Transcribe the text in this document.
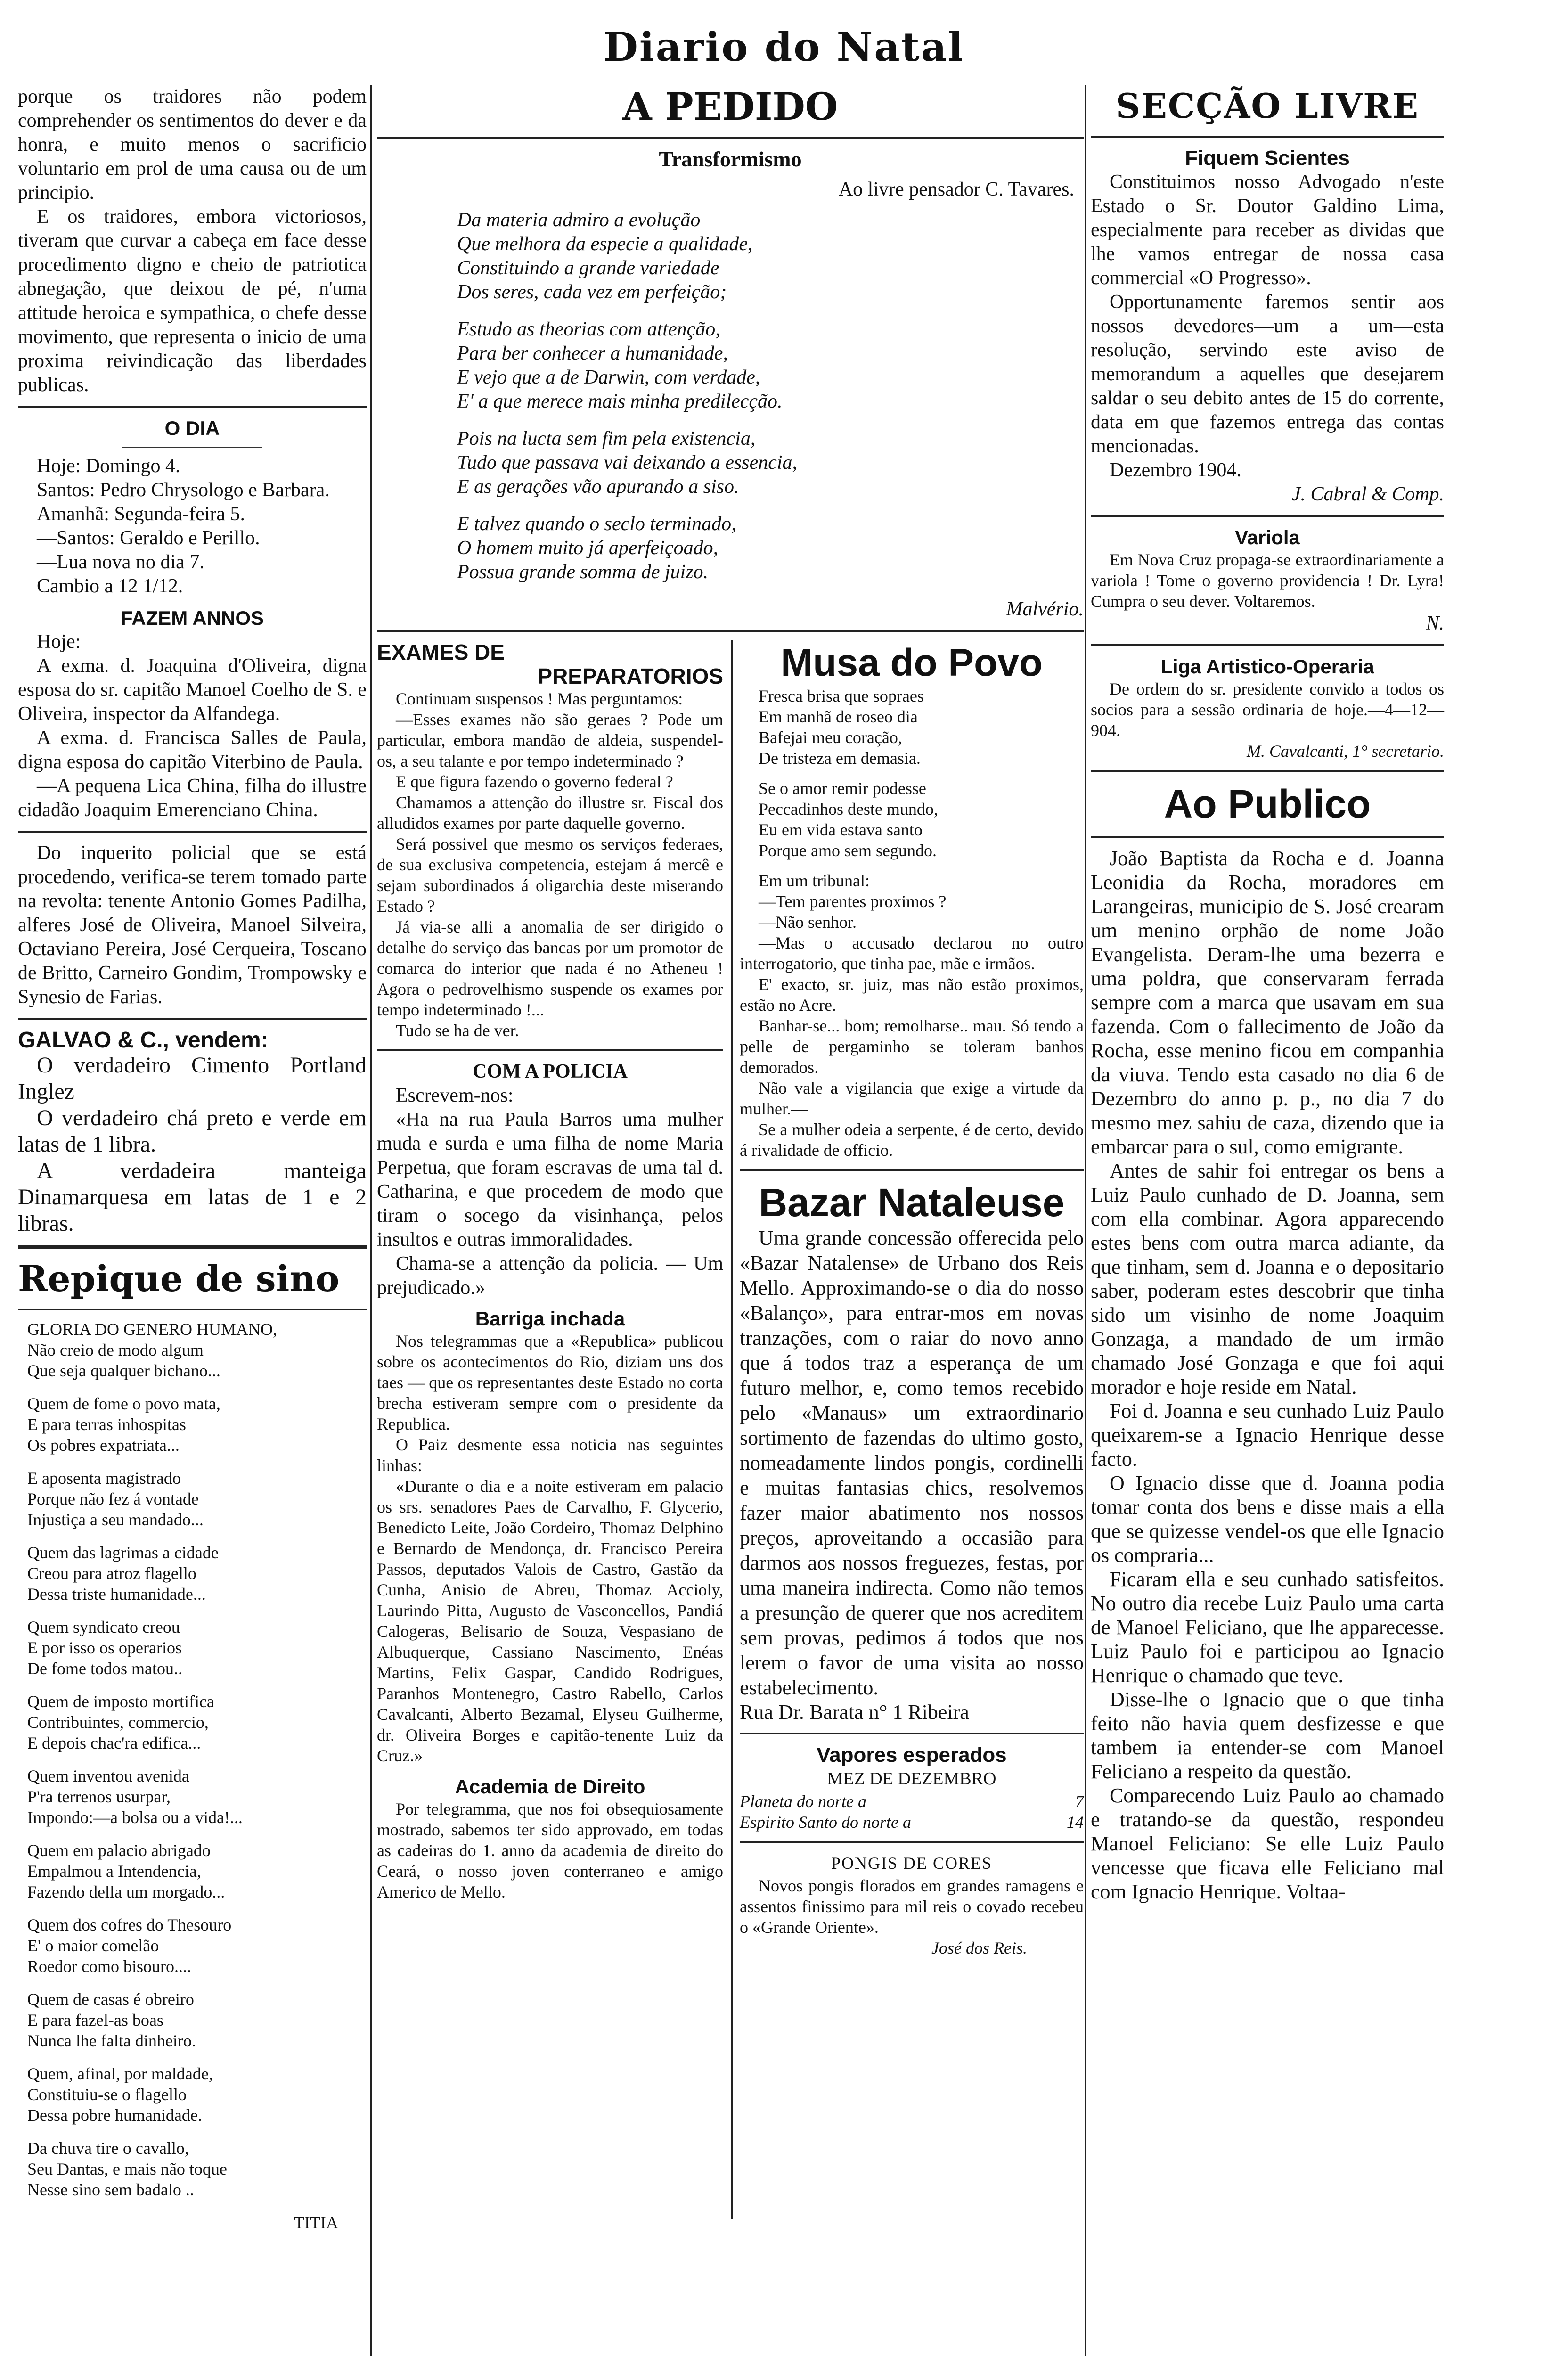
Diario do Natal

porque os traidores não podem comprehender os sentimentos do dever e da honra, e muito menos o sacrificio voluntario em prol de uma causa ou de um principio.

E os traidores, embora victoriosos, tiveram que curvar a cabeça em face desse procedimento digno e cheio de patriotica abnegação, que deixou de pé, n'uma attitude heroica e sympathica, o chefe desse movimento, que representa o inicio de uma proxima reivindicação das liberdades publicas.

O DIA
Hoje: Domingo 4.
Santos: Pedro Chrysologo e Barbara.
Amanhã: Segunda-feira 5.
—Santos: Geraldo e Perillo.
—Lua nova no dia 7.
Cambio a 12 1/12.
FAZEM ANNOS

Hoje:

A exma. d. Joaquina d'Oliveira, digna esposa do sr. capitão Manoel Coelho de S. e Oliveira, inspector da Alfandega.

A exma. d. Francisca Salles de Paula, digna esposa do capitão Viterbino de Paula.

—A pequena Lica China, filha do illustre cidadão Joaquim Emerenciano China.

Do inquerito policial que se está procedendo, verifica-se terem tomado parte na revolta: tenente Antonio Gomes Padilha, alferes José de Oliveira, Manoel Silveira, Octaviano Pereira, José Cerqueira, Toscano de Britto, Carneiro Gondim, Trompowsky e Synesio de Farias.

GALVAO & C., vendem:

O verdadeiro Cimento Portland Inglez

O verdadeiro chá preto e verde em latas de 1 libra.

A verdadeira manteiga Dinamarquesa em latas de 1 e 2 libras.

Repique de sino

GLORIA DO GENERO HUMANO,
Não creio de modo algum
Que seja qualquer bichano...

Quem de fome o povo mata,
E para terras inhospitas
Os pobres expatriata...

E aposenta magistrado
Porque não fez á vontade
Injustiça a seu mandado...

Quem das lagrimas a cidade
Creou para atroz flagello
Dessa triste humanidade...

Quem syndicato creou
E por isso os operarios
De fome todos matou..

Quem de imposto mortifica
Contribuintes, commercio,
E depois chac'ra edifica...

Quem inventou avenida
P'ra terrenos usurpar,
Impondo:—a bolsa ou a vida!...

Quem em palacio abrigado
Empalmou a Intendencia,
Fazendo della um morgado...

Quem dos cofres do Thesouro
E' o maior comelão
Roedor como bisouro....

Quem de casas é obreiro
E para fazel-as boas
Nunca lhe falta dinheiro.

Quem, afinal, por maldade,
Constituiu-se o flagello
Dessa pobre humanidade.

Da chuva tire o cavallo,
Seu Dantas, e mais não toque
Nesse sino sem badalo ..

TITIA
A PEDIDO
Transformismo
Ao livre pensador C. Tavares.

Da materia admiro a evolução
Que melhora da especie a qualidade,
Constituindo a grande variedade
Dos seres, cada vez em perfeição;

Estudo as theorias com attenção,
Para ber conhecer a humanidade,
E vejo que a de Darwin, com verdade,
E' a que merece mais minha predilecção.

Pois na lucta sem fim pela existencia,
Tudo que passava vai deixando a essencia,
E as gerações vão apurando a siso.

E talvez quando o seclo terminado,
O homem muito já aperfeiçoado,
Possua grande somma de juizo.

Malvério.
EXAMES DE
PREPARATORIOS

Continuam suspensos ! Mas perguntamos:

—Esses exames não são geraes ? Pode um particular, embora mandão de aldeia, suspendel-os, a seu talante e por tempo indeterminado ?

E que figura fazendo o governo federal ?

Chamamos a attenção do illustre sr. Fiscal dos alludidos exames por parte daquelle governo.

Será possivel que mesmo os serviços federaes, de sua exclusiva competencia, estejam á mercê e sejam subordinados á oligarchia deste miserando Estado ?

Já via-se alli a anomalia de ser dirigido o detalhe do serviço das bancas por um promotor de comarca do interior que nada é no Atheneu ! Agora o pedrovelhismo suspende os exames por tempo indeterminado !...

Tudo se ha de ver.

COM A POLICIA

Escrevem-nos:

«Ha na rua Paula Barros uma mulher muda e surda e uma filha de nome Maria Perpetua, que foram escravas de uma tal d. Catharina, e que procedem de modo que tiram o socego da visinhança, pelos insultos e outras immoralidades.

Chama-se a attenção da policia. — Um prejudicado.»

Barriga inchada

Nos telegrammas que a «Republica» publicou sobre os acontecimentos do Rio, diziam uns dos taes — que os representantes deste Estado no corta brecha estiveram sempre com o presidente da Republica.

O Paiz desmente essa noticia nas seguintes linhas:

«Durante o dia e a noite estiveram em palacio os srs. senadores Paes de Carvalho, F. Glycerio, Benedicto Leite, João Cordeiro, Thomaz Delphino e Bernardo de Mendonça, dr. Francisco Pereira Passos, deputados Valois de Castro, Gastão da Cunha, Anisio de Abreu, Thomaz Accioly, Laurindo Pitta, Augusto de Vasconcellos, Pandiá Calogeras, Belisario de Souza, Vespasiano de Albuquerque, Cassiano Nascimento, Enéas Martins, Felix Gaspar, Candido Rodrigues, Paranhos Montenegro, Castro Rabello, Carlos Cavalcanti, Alberto Bezamal, Elyseu Guilherme, dr. Oliveira Borges e capitão-tenente Luiz da Cruz.»

Academia de Direito

Por telegramma, que nos foi obsequiosamente mostrado, sabemos ter sido approvado, em todas as cadeiras do 1. anno da academia de direito do Ceará, o nosso joven conterraneo e amigo Americo de Mello.

Musa do Povo

Fresca brisa que sopraes
Em manhã de roseo dia
Bafejai meu coração,
De tristeza em demasia.

Se o amor remir podesse
Peccadinhos deste mundo,
Eu em vida estava santo
Porque amo sem segundo.

Em um tribunal:

—Tem parentes proximos ?

—Não senhor.

—Mas o accusado declarou no outro interrogatorio, que tinha pae, mãe e irmãos.

E' exacto, sr. juiz, mas não estão proximos, estão no Acre.

Banhar-se... bom; remolharse.. mau. Só tendo a pelle de pergaminho se toleram banhos demorados.

Não vale a vigilancia que exige a virtude da mulher.—

Se a mulher odeia a serpente, é de certo, devido á rivalidade de officio.

Bazar Nataleuse

Uma grande concessão offerecida pelo «Bazar Natalense» de Urbano dos Reis Mello. Approximando-se o dia do nosso «Balanço», para entrar-mos em novas tranzações, com o raiar do novo anno que á todos traz a esperança de um futuro melhor, e, como temos recebido pelo «Manaus» um extraordinario sortimento de fazendas do ultimo gosto, nomeadamente lindos pongis, cordinelli e muitas fantasias chics, resolvemos fazer maior abatimento nos nossos preços, aproveitando a occasião para darmos aos nossos freguezes, festas, por uma maneira indirecta. Como não temos a presunção de querer que nos acreditem sem provas, pedimos á todos que nos lerem o favor de uma visita ao nosso estabelecimento.

Rua Dr. Barata n° 1 Ribeira
Vapores esperados
MEZ DE DEZEMBRO
Planeta do norte a	7
Espirito Santo do norte a	14
PONGIS DE CORES

Novos pongis florados em grandes ramagens e assentos finissimo para mil reis o covado recebeu o «Grande Oriente».

José dos Reis.
SECÇÃO LIVRE
Fiquem Scientes

Constituimos nosso Advogado n'este Estado o Sr. Doutor Galdino Lima, especialmente para receber as dividas que lhe vamos entregar de nossa casa commercial «O Progresso».

Opportunamente faremos sentir aos nossos devedores—um a um—esta resolução, servindo este aviso de memorandum a aquelles que desejarem saldar o seu debito antes de 15 do corrente, data em que fazemos entrega das contas mencionadas.

Dezembro 1904.
J. Cabral & Comp.
Variola

Em Nova Cruz propaga-se extraordinariamente a variola ! Tome o governo providencia ! Dr. Lyra! Cumpra o seu dever. Voltaremos.

N.
Liga Artistico-Operaria

De ordem do sr. presidente convido a todos os socios para a sessão ordinaria de hoje.—4—12—904.

M. Cavalcanti, 1° secretario.
Ao Publico

João Baptista da Rocha e d. Joanna Leonidia da Rocha, moradores em Larangeiras, municipio de S. José crearam um menino orphão de nome João Evangelista. Deram-lhe uma bezerra e uma poldra, que conservaram ferrada sempre com a marca que usavam em sua fazenda. Com o fallecimento de João da Rocha, esse menino ficou em companhia da viuva. Tendo esta casado no dia 6 de Dezembro do anno p. p., no dia 7 do mesmo mez sahiu de caza, dizendo que ia embarcar para o sul, como emigrante.

Antes de sahir foi entregar os bens a Luiz Paulo cunhado de D. Joanna, sem com ella combinar. Agora apparecendo estes bens com outra marca adiante, da que tinham, sem d. Joanna e o depositario saber, poderam estes descobrir que tinha sido um visinho de nome Joaquim Gonzaga, a mandado de um irmão chamado José Gonzaga e que foi aqui morador e hoje reside em Natal.

Foi d. Joanna e seu cunhado Luiz Paulo queixarem-se a Ignacio Henrique desse facto.

O Ignacio disse que d. Joanna podia tomar conta dos bens e disse mais a ella que se quizesse vendel-os que elle Ignacio os compraria...

Ficaram ella e seu cunhado satisfeitos. No outro dia recebe Luiz Paulo uma carta de Manoel Feliciano, que lhe apparecesse. Luiz Paulo foi e participou ao Ignacio Henrique o chamado que teve.

Disse-lhe o Ignacio que o que tinha feito não havia quem desfizesse e que tambem ia entender-se com Manoel Feliciano a respeito da questão.

Comparecendo Luiz Paulo ao chamado e tratando-se da questão, respondeu Manoel Feliciano: Se elle Luiz Paulo vencesse que ficava elle Feliciano mal com Ignacio Henrique. Voltaa-
